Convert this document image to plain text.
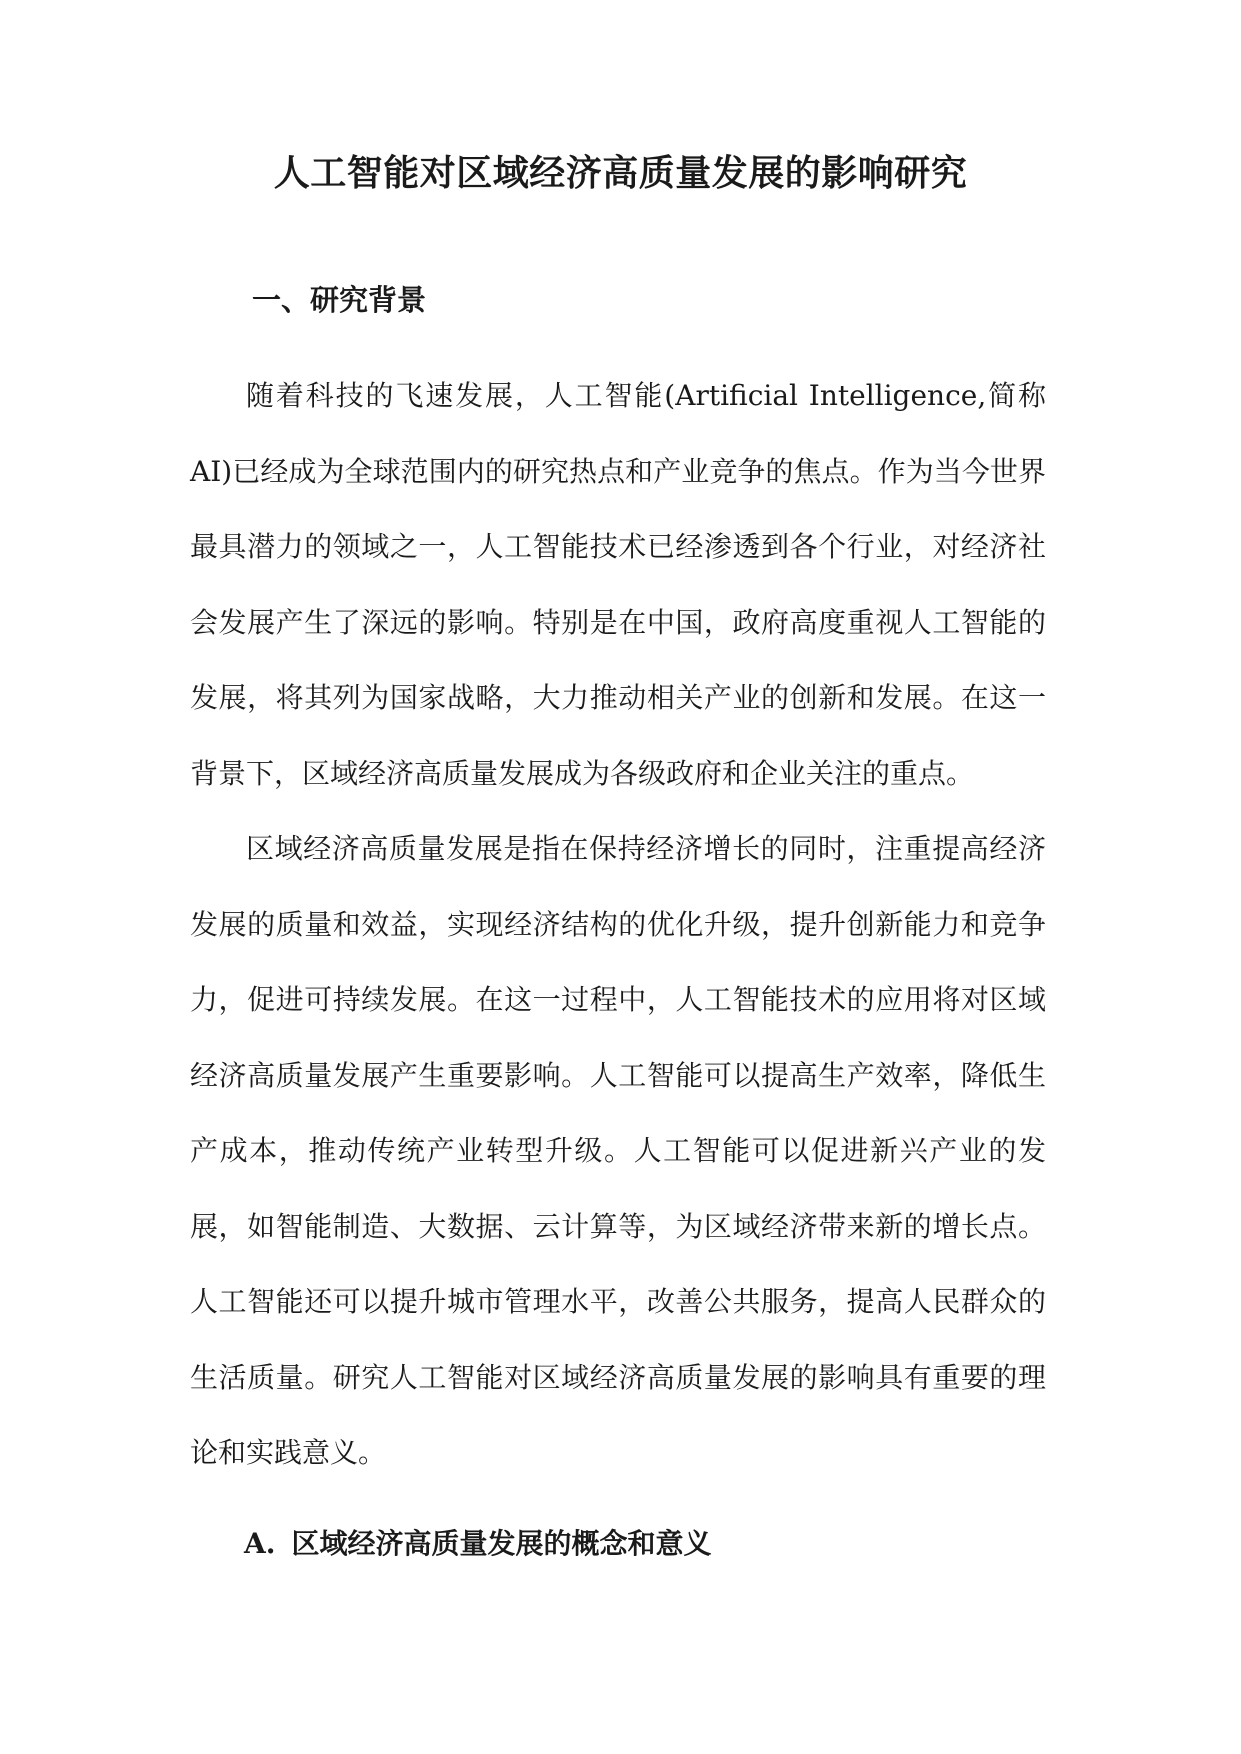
人工智能对区域经济高质量发展的影响研究
一、研究背景

随着科技的飞速发展，人工智能(Artificial Intelligence,简称AI)已经成为全球范围内的研究热点和产业竞争的焦点。作为当今世界最具潜力的领域之一，人工智能技术已经渗透到各个行业，对经济社会发展产生了深远的影响。特别是在中国，政府高度重视人工智能的发展，将其列为国家战略，大力推动相关产业的创新和发展。在这一背景下，区域经济高质量发展成为各级政府和企业关注的重点。

区域经济高质量发展是指在保持经济增长的同时，注重提高经济发展的质量和效益，实现经济结构的优化升级，提升创新能力和竞争力，促进可持续发展。在这一过程中，人工智能技术的应用将对区域经济高质量发展产生重要影响。人工智能可以提高生产效率，降低生产成本，推动传统产业转型升级。人工智能可以促进新兴产业的发展，如智能制造、大数据、云计算等，为区域经济带来新的增长点。人工智能还可以提升城市管理水平，改善公共服务，提高人民群众的生活质量。研究人工智能对区域经济高质量发展的影响具有重要的理论和实践意义。

A. 区域经济高质量发展的概念和意义
